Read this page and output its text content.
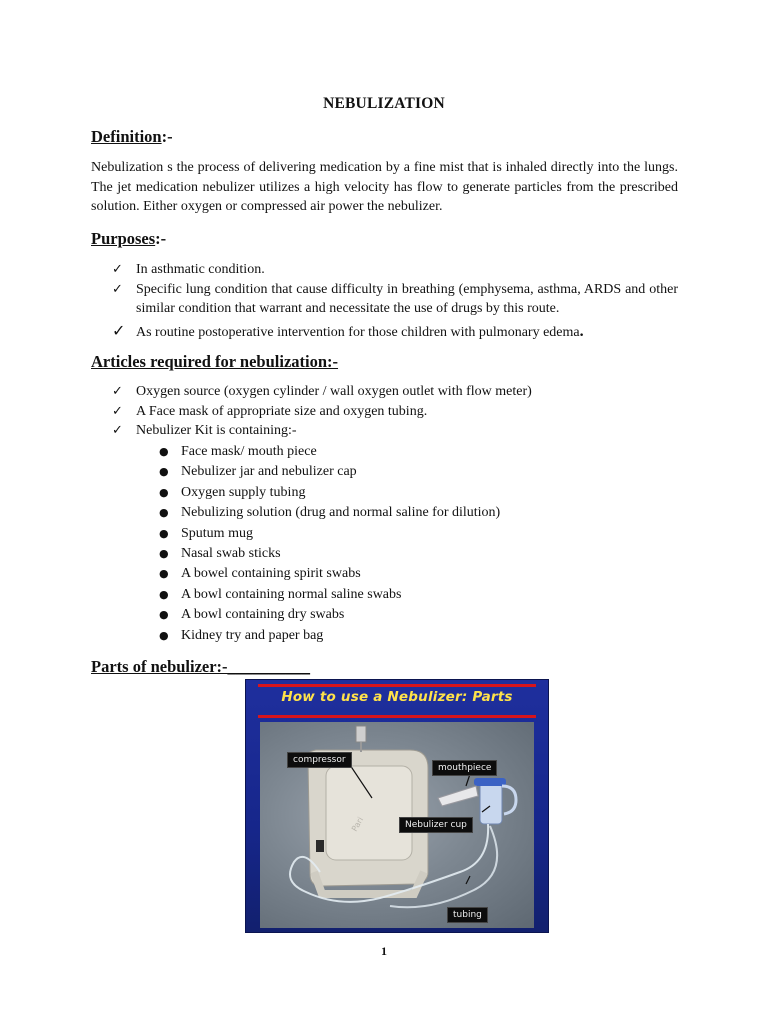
NEBULIZATION
Definition:-
Nebulization s the process of delivering medication by a fine mist that is inhaled directly into the lungs. The jet medication nebulizer utilizes a high velocity has flow to generate particles from the prescribed solution. Either oxygen or compressed air power the nebulizer.
Purposes:-
✓ In asthmatic condition.
✓ Specific lung condition that cause difficulty in breathing (emphysema, asthma, ARDS and other similar condition that warrant and necessitate the use of drugs by this route.
✓ As routine postoperative intervention for those children with pulmonary edema.
Articles required for nebulization:-
✓ Oxygen source (oxygen cylinder / wall oxygen outlet with flow meter)
✓ A Face mask of appropriate size and oxygen tubing.
✓ Nebulizer Kit is containing:-
● Face mask/ mouth piece
● Nebulizer jar and nebulizer cap
● Oxygen supply tubing
● Nebulizing solution (drug and normal saline for dilution)
● Sputum mug
● Nasal swab sticks
● A bowel containing spirit swabs
● A bowl containing normal saline swabs
● A bowl containing dry swabs
● Kidney try and paper bag
Parts of nebulizer:-__________
How to use a Nebulizer: Parts
Pari
compressor
mouthpiece
Nebulizer cup
tubing
1
